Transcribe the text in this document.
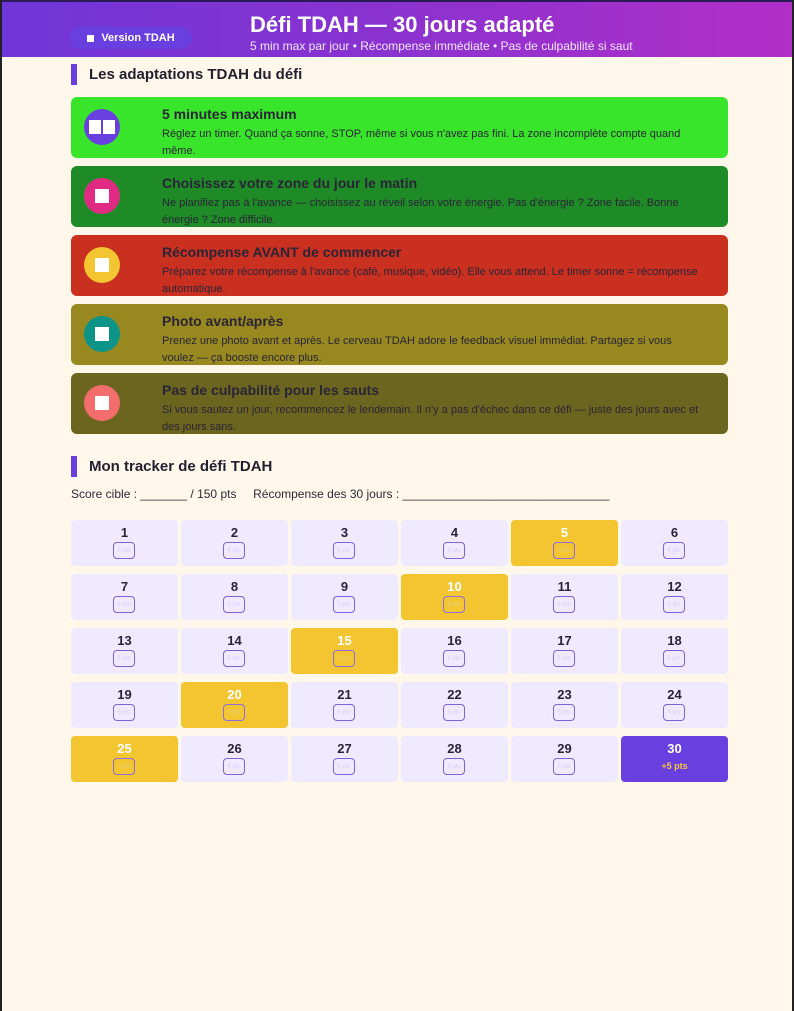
Version TDAH
Défi TDAH — 30 jours adapté
5 min max par jour • Récompense immédiate • Pas de culpabilité si saut
Les adaptations TDAH du défi
5 minutes maximum
Réglez un timer. Quand ça sonne, STOP, même si vous n'avez pas fini. La zone incomplète compte quand même.
Choisissez votre zone du jour le matin
Ne planifiez pas à l'avance — choisissez au réveil selon votre énergie. Pas d'énergie ? Zone facile. Bonne énergie ? Zone difficile.
Récompense AVANT de commencer
Préparez votre récompense à l'avance (café, musique, vidéo). Elle vous attend. Le timer sonne = récompense automatique.
Photo avant/après
Prenez une photo avant et après. Le cerveau TDAH adore le feedback visuel immédiat. Partagez si vous voulez — ça booste encore plus.
Pas de culpabilité pour les sauts
Si vous sautez un jour, recommencez le lendemain. Il n'y a pas d'échec dans ce défi — juste des jours avec et des jours sans.
Mon tracker de défi TDAH
Score cible : _______ / 150 pts     Récompense des 30 jours : _______________________________
1
5 pts
2
5 pts
3
5 pts
4
5 pts
5
5 pts
6
5 pts
7
5 pts
8
5 pts
9
5 pts
10
5 pts
11
5 pts
12
5 pts
13
5 pts
14
5 pts
15
5 pts
16
5 pts
17
5 pts
18
5 pts
19
5 pts
20
5 pts
21
5 pts
22
5 pts
23
5 pts
24
5 pts
25
5 pts
26
5 pts
27
5 pts
28
5 pts
29
5 pts
30
+5 pts
